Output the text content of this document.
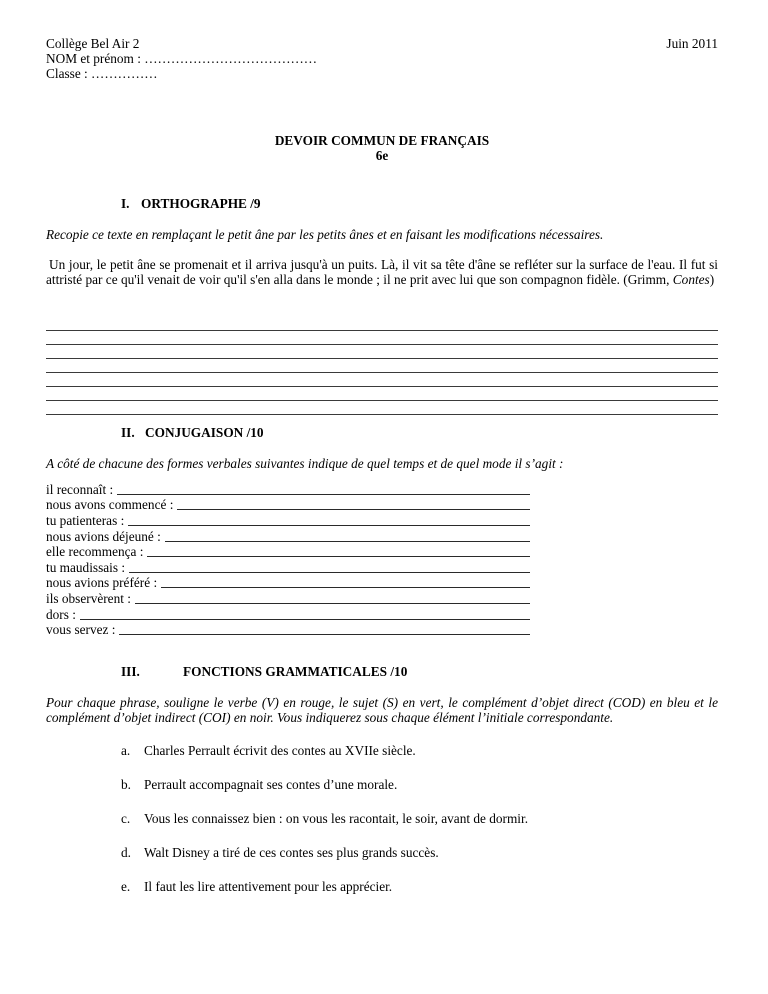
Collège Bel Air 2	Juin 2011
NOM et prénom : …………………………………
Classe : ……………
DEVOIR COMMUN DE FRANÇAIS
6e
I. ORTHOGRAPHE /9
Recopie ce texte en remplaçant le petit âne par les petits ânes et en faisant les modifications nécessaires.
Un jour, le petit âne se promenait et il arriva jusqu'à un puits. Là, il vit sa tête d'âne se refléter sur la surface de l'eau. Il fut si attristé par ce qu'il venait de voir qu'il s'en alla dans le monde ; il ne prit avec lui que son compagnon fidèle. (Grimm, Contes)
II. CONJUGAISON /10
A côté de chacune des formes verbales suivantes indique de quel temps et de quel mode il s’agit :
il reconnaît :
nous avons commencé :
tu patienteras :
nous avions déjeuné :
elle recommença :
tu maudissais :
nous avions préféré :
ils observèrent :
dors :
vous servez :
III.	FONCTIONS GRAMMATICALES /10
Pour chaque phrase, souligne le verbe (V) en rouge, le sujet (S) en vert, le complément d’objet direct (COD) en bleu et le complément d’objet indirect (COI) en noir. Vous indiquerez sous chaque élément l’initiale correspondante.
a.	Charles Perrault écrivit des contes au XVIIe siècle.
b. Perrault accompagnait ses contes d’une morale.
c.	Vous les connaissez bien : on vous les racontait, le soir, avant de dormir.
d. Walt Disney a tiré de ces contes ses plus grands succès.
e.	Il faut les lire attentivement pour les apprécier.
